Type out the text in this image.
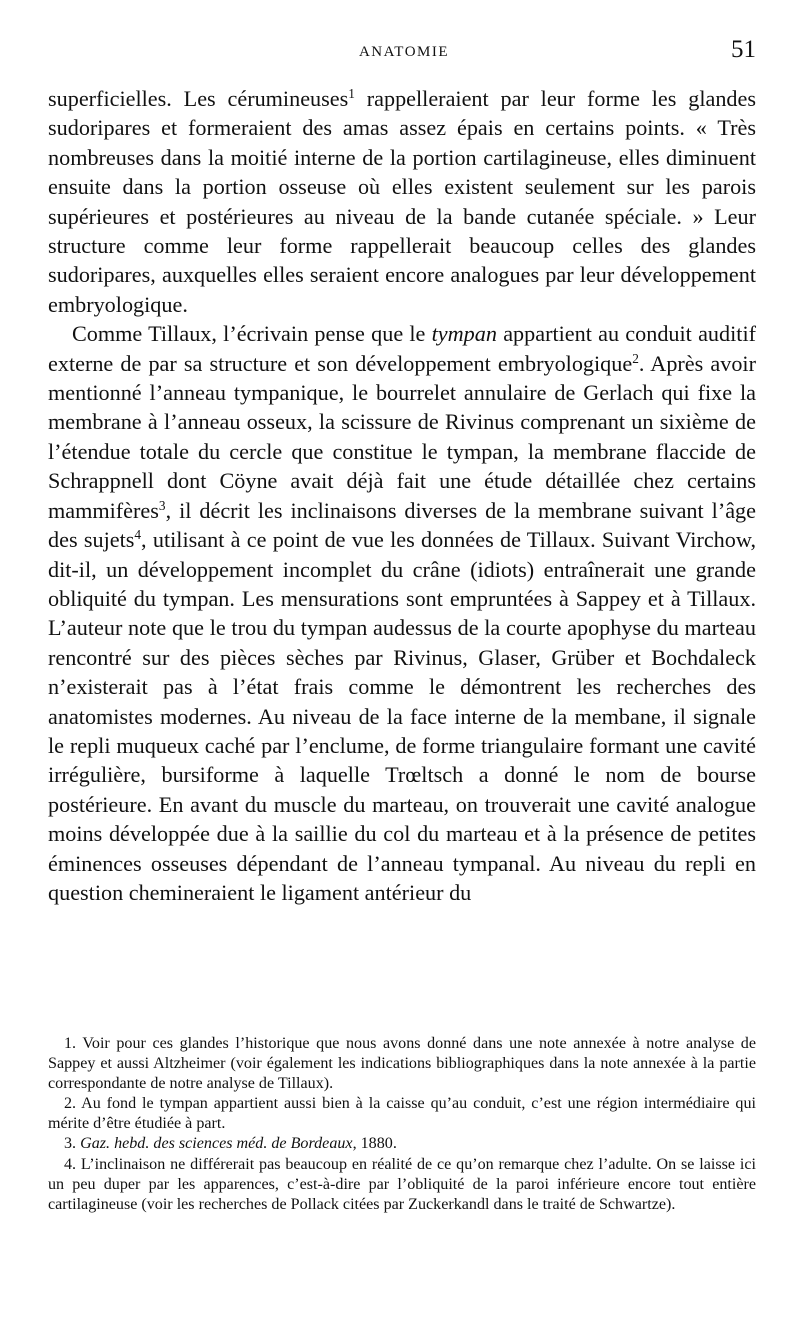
ANATOMIE	51

superficielles. Les cérumineuses$^1$ rappelleraient par leur forme les glandes sudoripares et formeraient des amas assez épais en certains points. « Très nombreuses dans la moitié interne de la portion cartilagineuse, elles diminuent ensuite dans la portion osseuse où elles existent seulement sur les parois supérieures et postérieures au niveau de la bande cutanée spéciale. » Leur structure comme leur forme rappellerait beaucoup celles des glandes sudoripares, auxquelles elles seraient encore analogues par leur développement embryologique.

Comme Tillaux, l’écrivain pense que le tympan appartient au conduit auditif externe de par sa structure et son développement embryologique$^2$. Après avoir mentionné l’anneau tympanique, le bourrelet annulaire de Gerlach qui fixe la membrane à l’anneau osseux, la scissure de Rivinus comprenant un sixième de l’étendue totale du cercle que constitue le tympan, la membrane flaccide de Schrappnell dont Cöyne avait déjà fait une étude détaillée chez certains mammifères$^3$, il décrit les inclinaisons diverses de la membrane suivant l’âge des sujets$^4$, utilisant à ce point de vue les données de Tillaux. Suivant Virchow, dit-il, un développement incomplet du crâne (idiots) entraînerait une grande obliquité du tympan. Les mensurations sont empruntées à Sappey et à Tillaux. L’auteur note que le trou du tympan audessus de la courte apophyse du marteau rencontré sur des pièces sèches par Rivinus, Glaser, Grüber et Bochdaleck n’existerait pas à l’état frais comme le démontrent les recherches des anatomistes modernes. Au niveau de la face interne de la membane, il signale le repli muqueux caché par l’enclume, de forme triangulaire formant une cavité irrégulière, bursiforme à laquelle Trœltsch a donné le nom de bourse postérieure. En avant du muscle du marteau, on trouverait une cavité analogue moins développée due à la saillie du col du marteau et à la présence de petites éminences osseuses dépendant de l’anneau tympanal. Au niveau du repli en question chemineraient le ligament antérieur du

1. Voir pour ces glandes l’historique que nous avons donné dans une note annexée à notre analyse de Sappey et aussi Altzheimer (voir également les indications bibliographiques dans la note annexée à la partie correspondante de notre analyse de Tillaux).

2. Au fond le tympan appartient aussi bien à la caisse qu’au conduit, c’est une région intermédiaire qui mérite d’être étudiée à part.

3. Gaz. hebd. des sciences méd. de Bordeaux, 1880.

4. L’inclinaison ne différerait pas beaucoup en réalité de ce qu’on remarque chez l’adulte. On se laisse ici un peu duper par les apparences, c’est-à-dire par l’obliquité de la paroi inférieure encore tout entière cartilagineuse (voir les recherches de Pollack citées par Zuckerkandl dans le traité de Schwartze).
